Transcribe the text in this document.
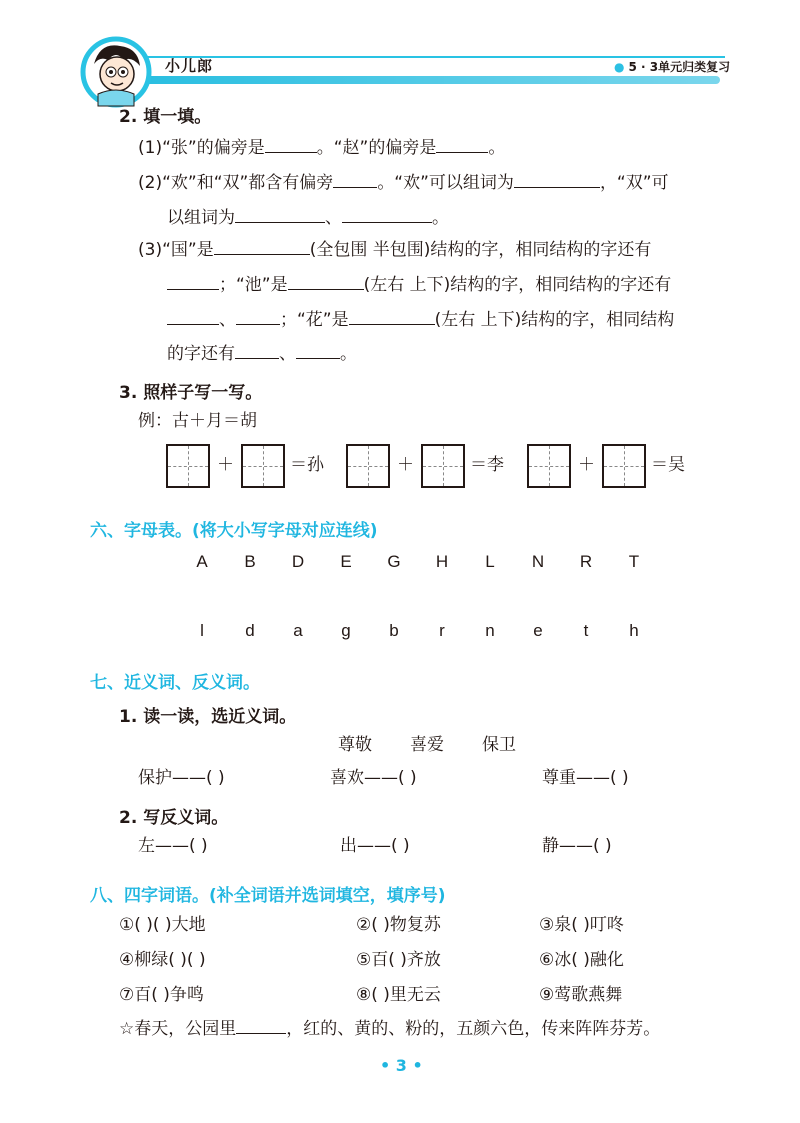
小儿郎	● 5 · 3单元归类复习
2. 填一填。
(1)“张”的偏旁是	。“赵”的偏旁是	。
(2)“欢”和“双”都含有偏旁	。“欢”可以组词为	，“双”可
以组词为	、	。
(3)“国”是	(全包围 半包围)结构的字，相同结构的字还有
；“池”是	(左右 上下)结构的字，相同结构的字还有
、	；“花”是	(左右 上下)结构的字，相同结构
的字还有	、	。
3. 照样子写一写。
例：古＋月＝胡
＋	＝孙	＋	＝李	＋	＝吴
六、字母表。(将大小写字母对应连线)
A B D E G H	L	N R T
l	d	a	g	b	r	n	e	t	h
七、近义词、反义词。
1. 读一读，选近义词。
尊敬 喜爱 保卫
保护——( )	喜欢——( )	尊重——( )
2. 写反义词。
左——( )	出——( )	静——( )
八、四字词语。(补全词语并选词填空，填序号)
①( )( )大地	②( )物复苏	③泉( )叮咚
④柳绿( )( )	⑤百( )齐放	⑥冰( )融化
⑦百( )争鸣	⑧( )里无云	⑨莺歌燕舞
☆春天，公园里	，红的、黄的、粉的，五颜六色，传来阵阵芬芳。
• 3 •
